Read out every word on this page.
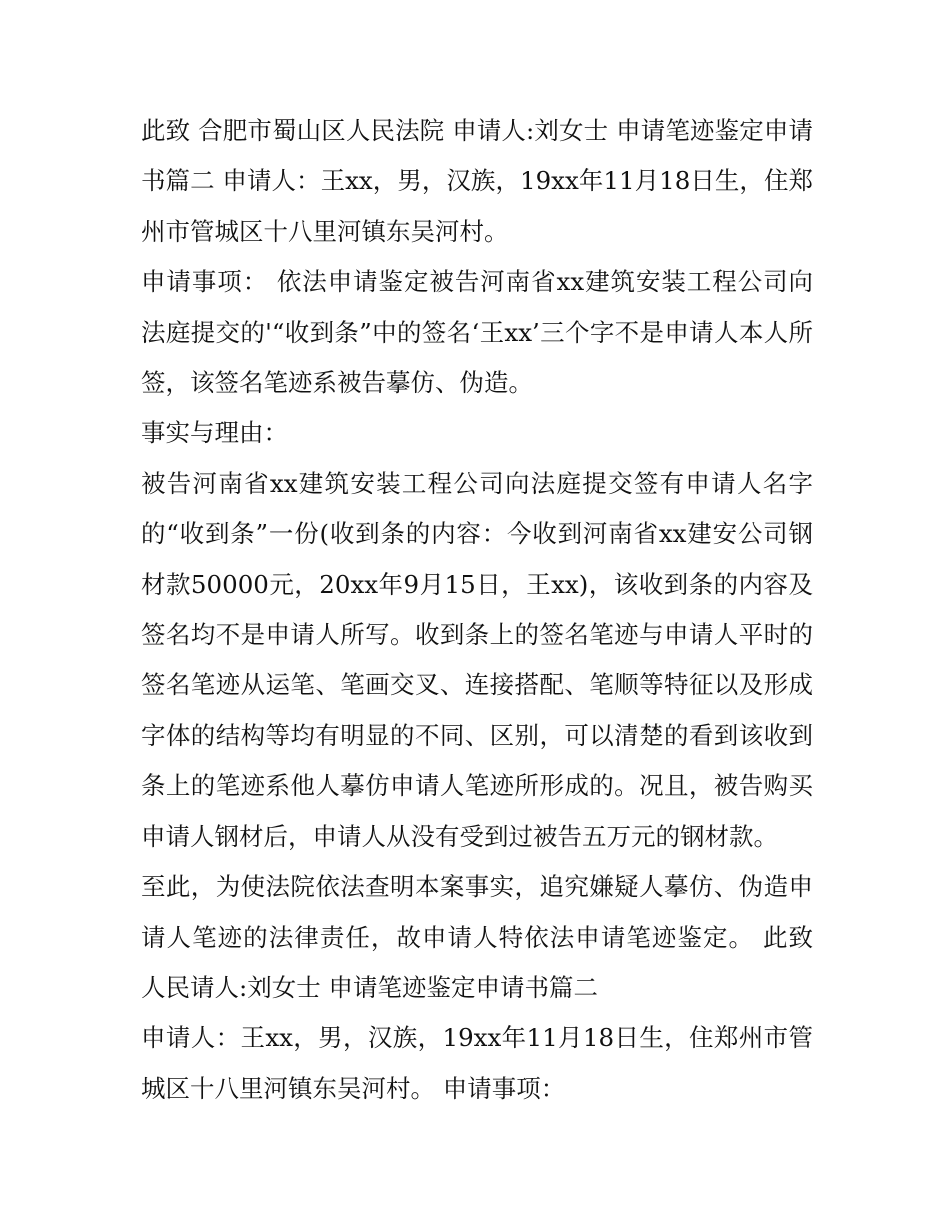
此致 合肥市蜀山区人民法院 申请人:刘女士 申请笔迹鉴定申请书篇二 申请人：王xx，男，汉族，19xx年11月18日生，住郑州市管城区十八里河镇东吴河村。

申请事项： 依法申请鉴定被告河南省xx建筑安装工程公司向法庭提交的'“收到条”中的签名‘王xx’三个字不是申请人本人所签，该签名笔迹系被告摹仿、伪造。

事实与理由：

被告河南省xx建筑安装工程公司向法庭提交签有申请人名字的“收到条”一份(收到条的内容：今收到河南省xx建安公司钢材款50000元，20xx年9月15日，王xx)，该收到条的内容及签名均不是申请人所写。收到条上的签名笔迹与申请人平时的签名笔迹从运笔、笔画交叉、连接搭配、笔顺等特征以及形成字体的结构等均有明显的不同、区别，可以清楚的看到该收到条上的笔迹系他人摹仿申请人笔迹所形成的。况且，被告购买申请人钢材后，申请人从没有受到过被告五万元的钢材款。

至此，为使法院依法查明本案事实，追究嫌疑人摹仿、伪造申请人笔迹的法律责任，故申请人特依法申请笔迹鉴定。 此致 人民请人:刘女士 申请笔迹鉴定申请书篇二

申请人：王xx，男，汉族，19xx年11月18日生，住郑州市管城区十八里河镇东吴河村。 申请事项：
